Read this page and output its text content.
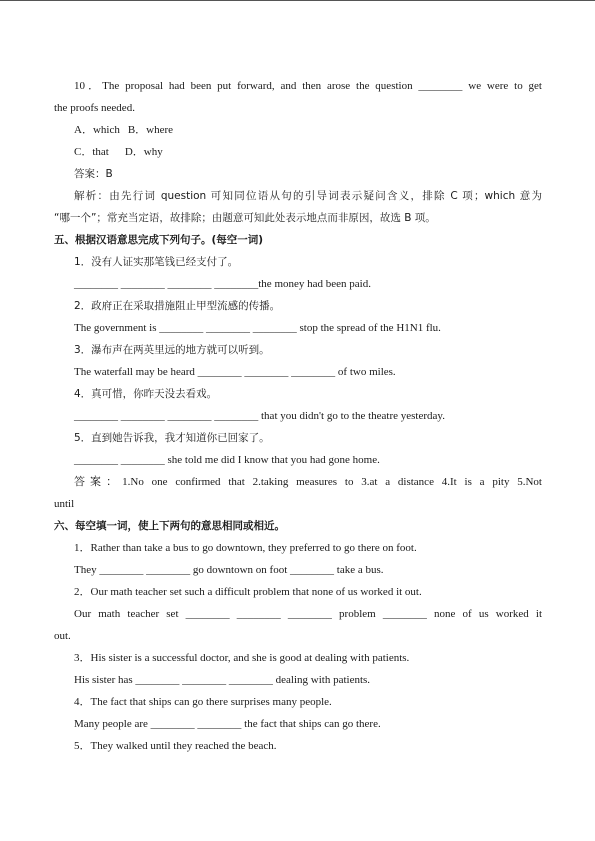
10．The proposal had been put forward, and then arose the question ________ we were to get
the proofs needed.
A．which B．where
C．that D．why
答案：B
解析：由先行词 question 可知同位语从句的引导词表示疑问含义，排除 C 项；which 意为
“哪一个”；常充当定语，故排除；由题意可知此处表示地点而非原因，故选 B 项。
五、根据汉语意思完成下列句子。(每空一词)
1．没有人证实那笔钱已经支付了。
________ ________ ________ ________the money had been paid.
2．政府正在采取措施阻止甲型流感的传播。
The government is ________ ________ ________ stop the spread of the H1N1 flu.
3．瀑布声在两英里远的地方就可以听到。
The waterfall may be heard ________ ________ ________ of two miles.
4．真可惜，你昨天没去看戏。
________ ________ ________ ________ that you didn't go to the theatre yesterday.
5．直到她告诉我，我才知道你已回家了。
________ ________ she told me did I know that you had gone home.
答案：1.No one confirmed that 2.taking measures to 3.at a distance 4.It is a pity 5.Not
until
六、每空填一词，使上下两句的意思相同或相近。
1．Rather than take a bus to go downtown, they preferred to go there on foot.
They ________ ________ go downtown on foot ________ take a bus.
2．Our math teacher set such a difficult problem that none of us worked it out.
Our math teacher set ________ ________ ________ problem ________ none of us worked it
out.
3．His sister is a successful doctor, and she is good at dealing with patients.
His sister has ________ ________ ________ dealing with patients.
4．The fact that ships can go there surprises many people.
Many people are ________ ________ the fact that ships can go there.
5．They walked until they reached the beach.
